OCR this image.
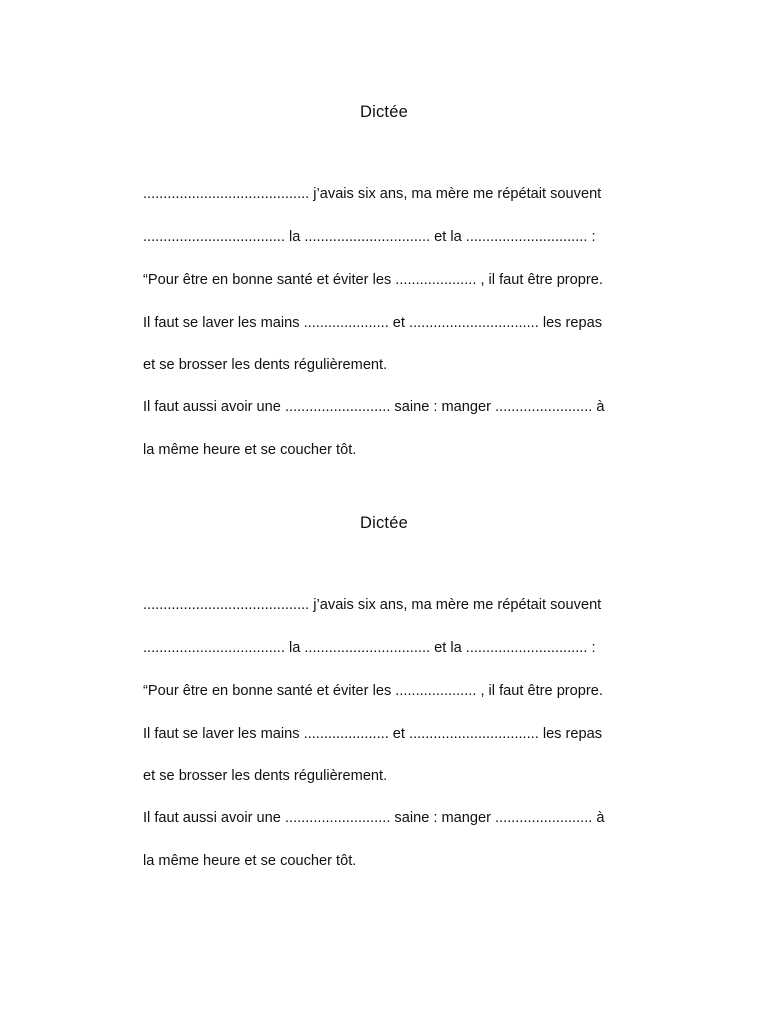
Dictée
......................................... j’avais six ans, ma mère me répétait souvent
................................... la ............................... et la .............................. :
“Pour être en bonne santé et éviter les .................... , il faut être propre.
Il faut se laver les mains ..................... et ................................ les repas
et se brosser les dents régulièrement.
Il faut aussi avoir une .......................... saine : manger ........................ à
la même heure et se coucher tôt.
Dictée
......................................... j’avais six ans, ma mère me répétait souvent
................................... la ............................... et la .............................. :
“Pour être en bonne santé et éviter les .................... , il faut être propre.
Il faut se laver les mains ..................... et ................................ les repas
et se brosser les dents régulièrement.
Il faut aussi avoir une .......................... saine : manger ........................ à
la même heure et se coucher tôt.
